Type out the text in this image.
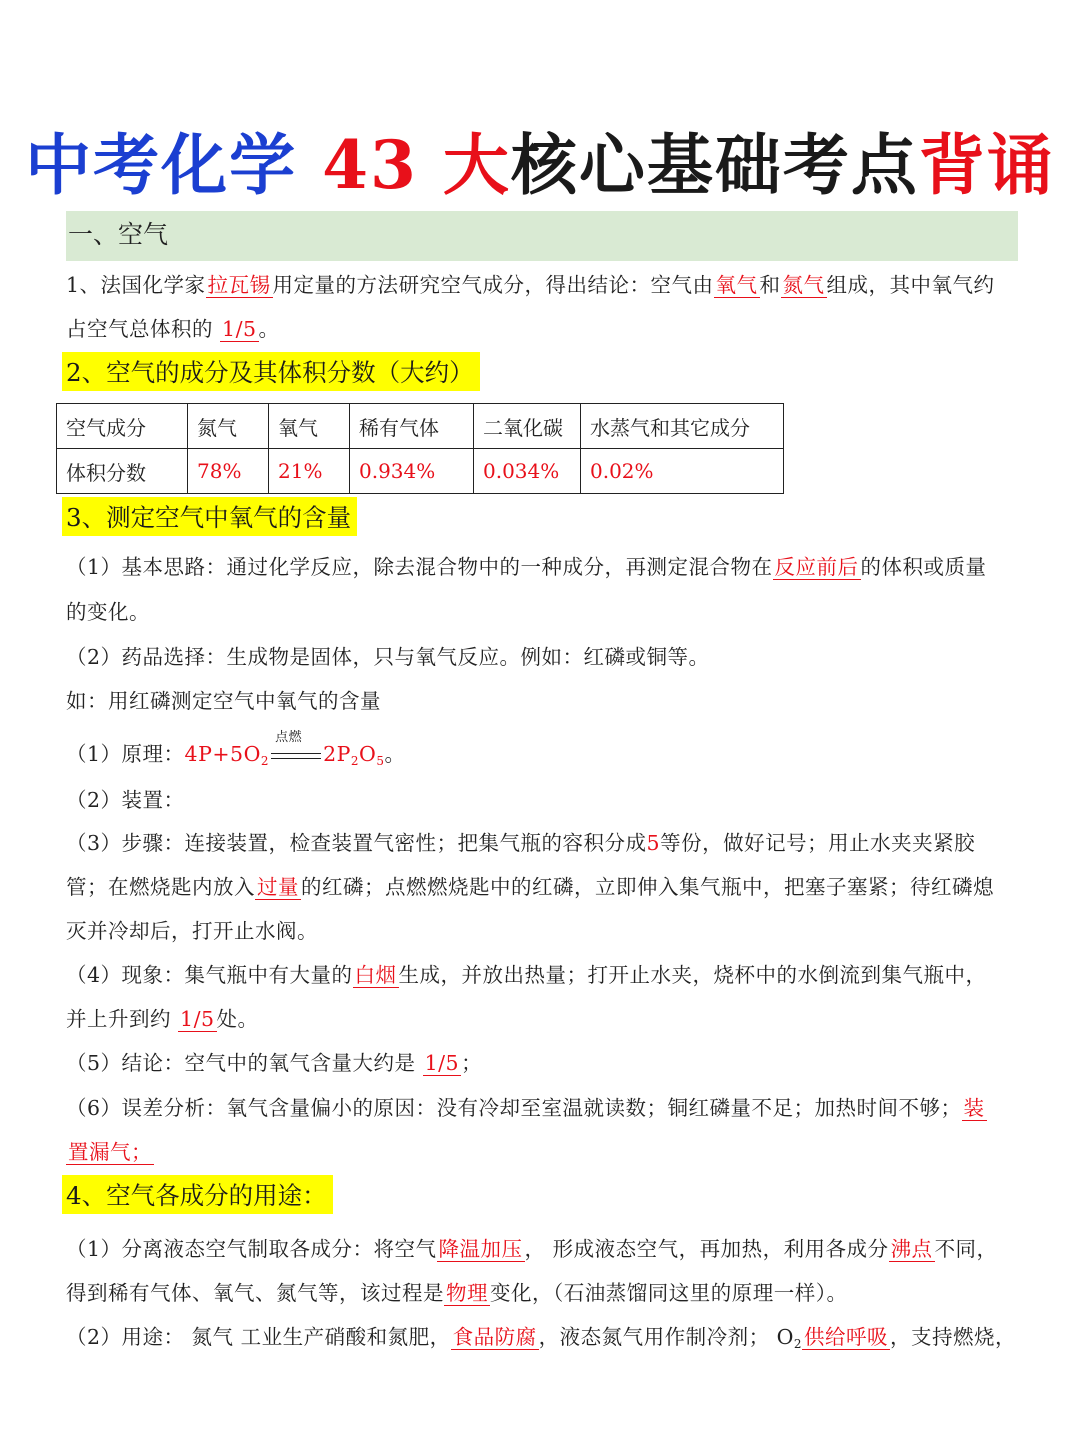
中考化学 43 大核心基础考点背诵
一、空气
1、法国化学家拉瓦锡用定量的方法研究空气成分，得出结论：空气由氧气和氮气组成，其中氧气约
占空气总体积的 1/5。
2、空气的成分及其体积分数（大约）
空气成分	氮气	氧气	稀有气体	二氧化碳	水蒸气和其它成分
体积分数	78%	21%	0.934%	0.034%	0.02%
3、测定空气中氧气的含量
（1）基本思路：通过化学反应，除去混合物中的一种成分，再测定混合物在反应前后的体积或质量
的变化。
（2）药品选择：生成物是固体，只与氧气反应。例如：红磷或铜等。
如：用红磷测定空气中氧气的含量
（1）原理：$4P+5O_2$
点燃
$2P_2O_5$。
（2）装置：
（3）步骤：连接装置，检查装置气密性；把集气瓶的容积分成5等份，做好记号；用止水夹夹紧胶
管；在燃烧匙内放入过量的红磷；点燃燃烧匙中的红磷，立即伸入集气瓶中，把塞子塞紧；待红磷熄
灭并冷却后，打开止水阀。
（4）现象：集气瓶中有大量的白烟生成，并放出热量；打开止水夹，烧杯中的水倒流到集气瓶中，
并上升到约 1/5处。
（5）结论：空气中的氧气含量大约是 1/5；
（6）误差分析：氧气含量偏小的原因：没有冷却至室温就读数；铜红磷量不足；加热时间不够；装
置漏气；
4、空气各成分的用途：
（1）分离液态空气制取各成分：将空气降温加压， 形成液态空气，再加热，利用各成分沸点不同，
得到稀有气体、氧气、氮气等，该过程是物理变化，（石油蒸馏同这里的原理一样）。
（2）用途： 氮气 工业生产硝酸和氮肥，食品防腐，液态氮气用作制冷剂； $O_2$供给呼吸，支持燃烧，
